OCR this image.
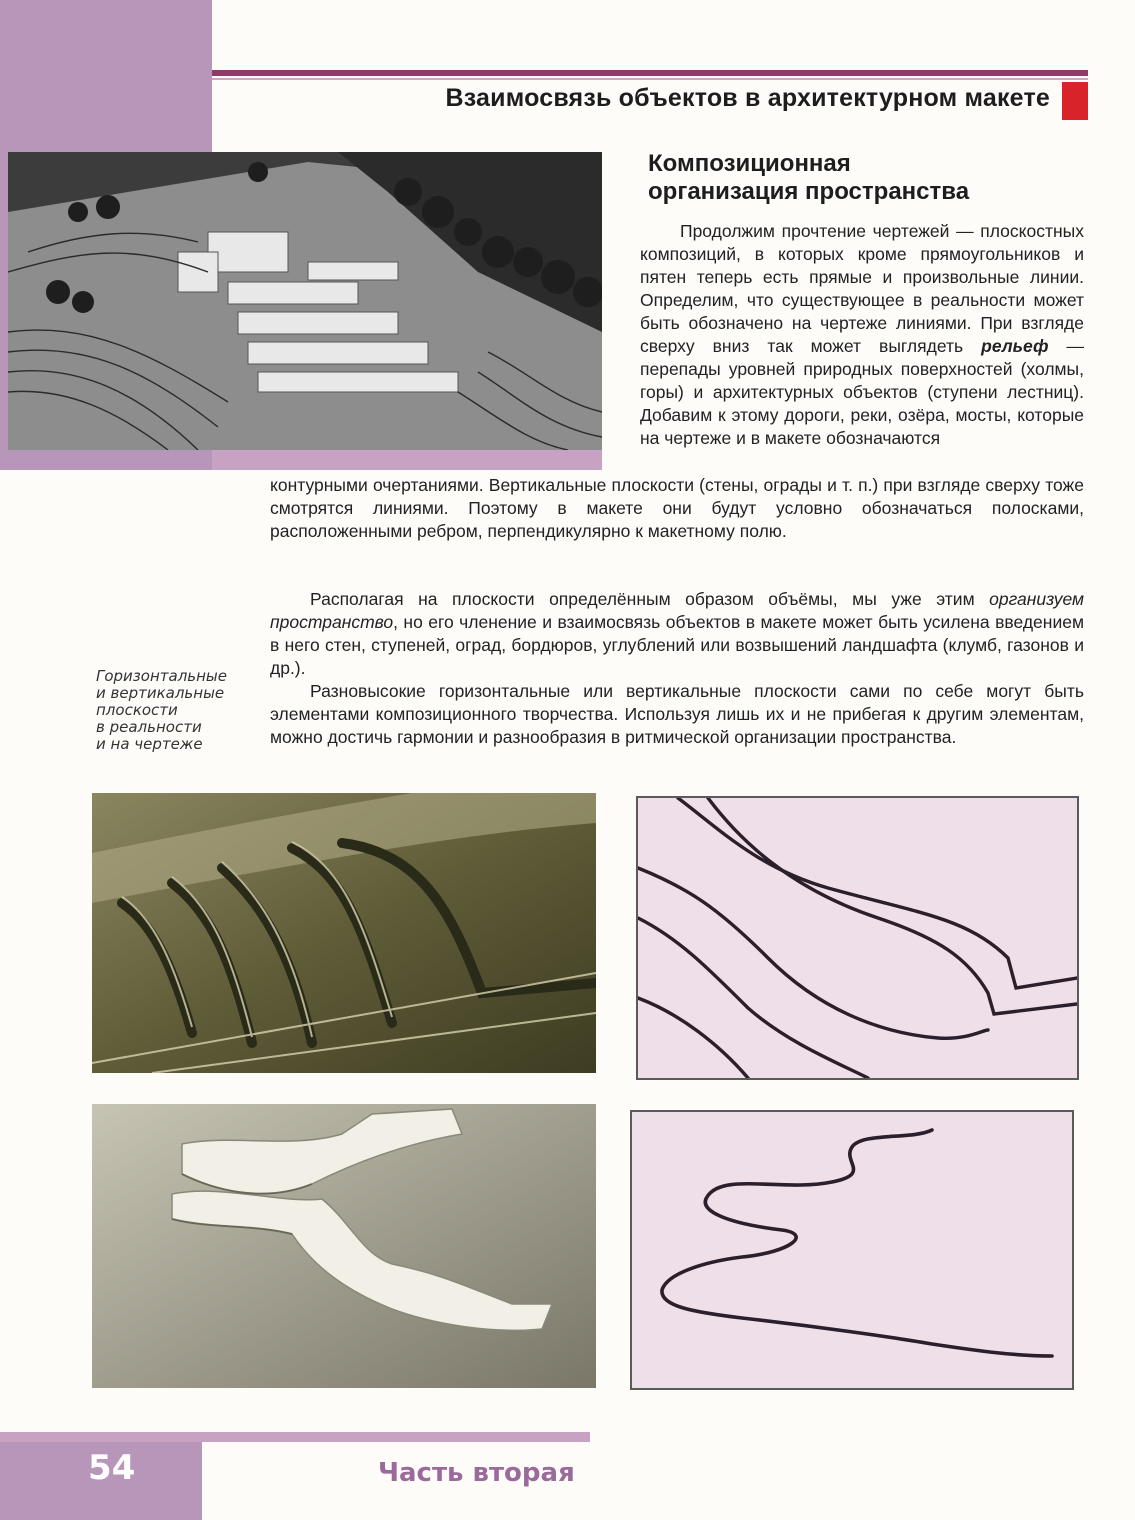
Взаимосвязь объектов в архитектурном макете
Композиционная
организация пространства
Продолжим прочтение чертежей — плоскостных композиций, в которых кроме прямоугольников и пятен теперь есть прямые и произвольные линии. Определим, что существующее в реальности может быть обозначено на чертеже линиями. При взгляде сверху вниз так может выглядеть рельеф — перепады уровней природных поверхностей (холмы, горы) и архитектурных объектов (ступени лестниц). Добавим к этому дороги, реки, озёра, мосты, которые на чертеже и в макете обозначаются
контурными очертаниями. Вертикальные плоскости (стены, ограды и т. п.) при взгляде сверху тоже смотрятся линиями. Поэтому в макете они будут условно обозначаться полосками, расположенными ребром, перпендикулярно к макетному полю.
Располагая на плоскости определённым образом объёмы, мы уже этим организуем пространство, но его членение и взаимосвязь объектов в макете может быть усилена введением в него стен, ступеней, оград, бордюров, углублений или возвышений ландшафта (клумб, газонов и др.).
Разновысокие горизонтальные или вертикальные плоскости сами по себе могут быть элементами композиционного творчества. Используя лишь их и не прибегая к другим элементам, можно достичь гармонии и разнообразия в ритмической организации пространства.
Горизонтальные
и вертикальные
плоскости
в реальности
и на чертеже
54	Часть вторая
